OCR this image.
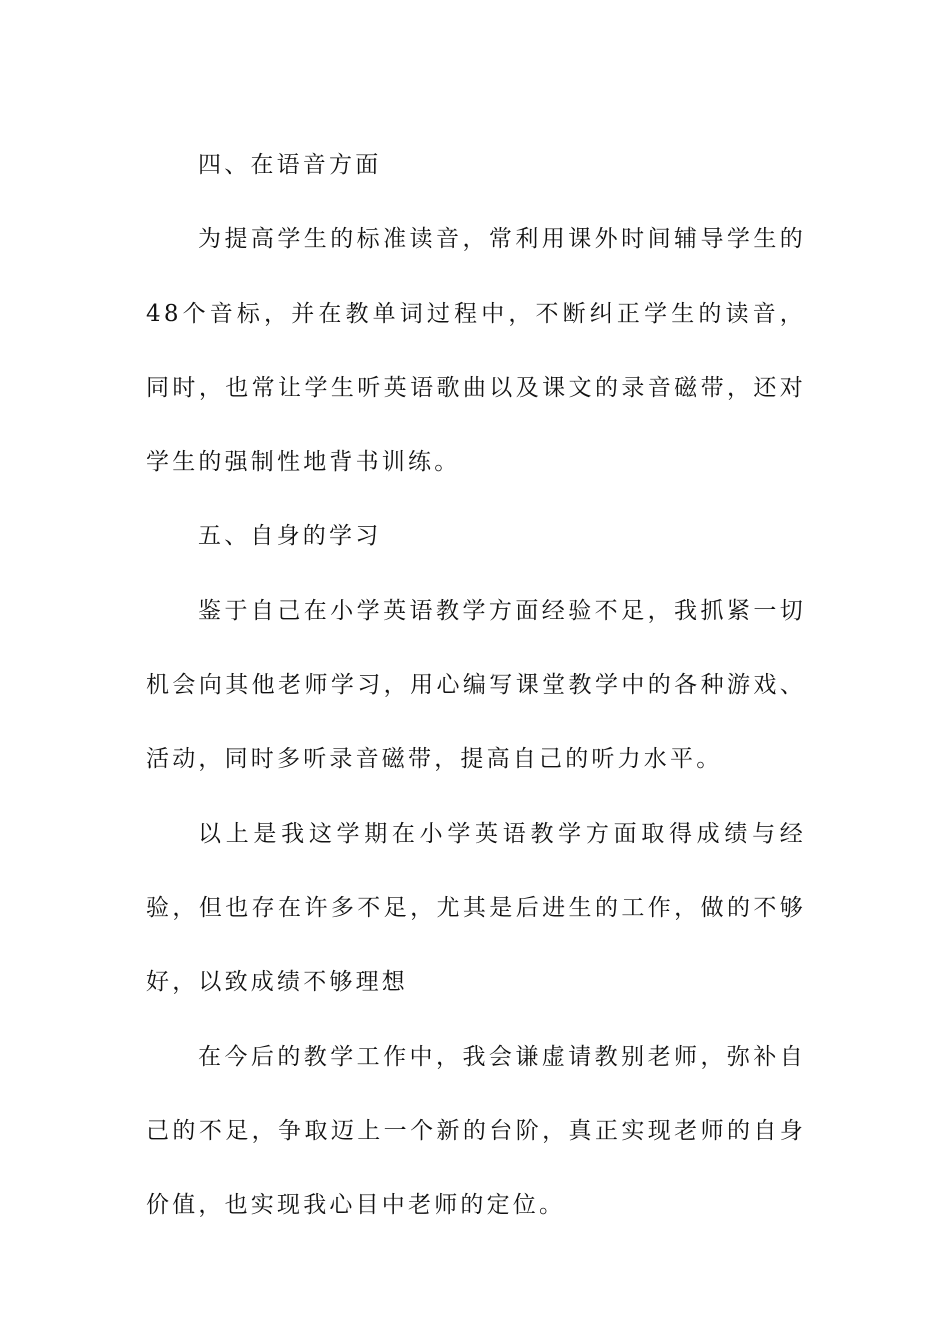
四、在语音方面

为提高学生的标准读音，常利用课外时间辅导学生的48个音标，并在教单词过程中，不断纠正学生的读音，同时，也常让学生听英语歌曲以及课文的录音磁带，还对学生的强制性地背书训练。

五、自身的学习

鉴于自己在小学英语教学方面经验不足，我抓紧一切机会向其他老师学习，用心编写课堂教学中的各种游戏、活动，同时多听录音磁带，提高自己的听力水平。

以上是我这学期在小学英语教学方面取得成绩与经验，但也存在许多不足，尤其是后进生的工作，做的不够好，以致成绩不够理想

在今后的教学工作中，我会谦虚请教别老师，弥补自己的不足，争取迈上一个新的台阶，真正实现老师的自身价值，也实现我心目中老师的定位。
